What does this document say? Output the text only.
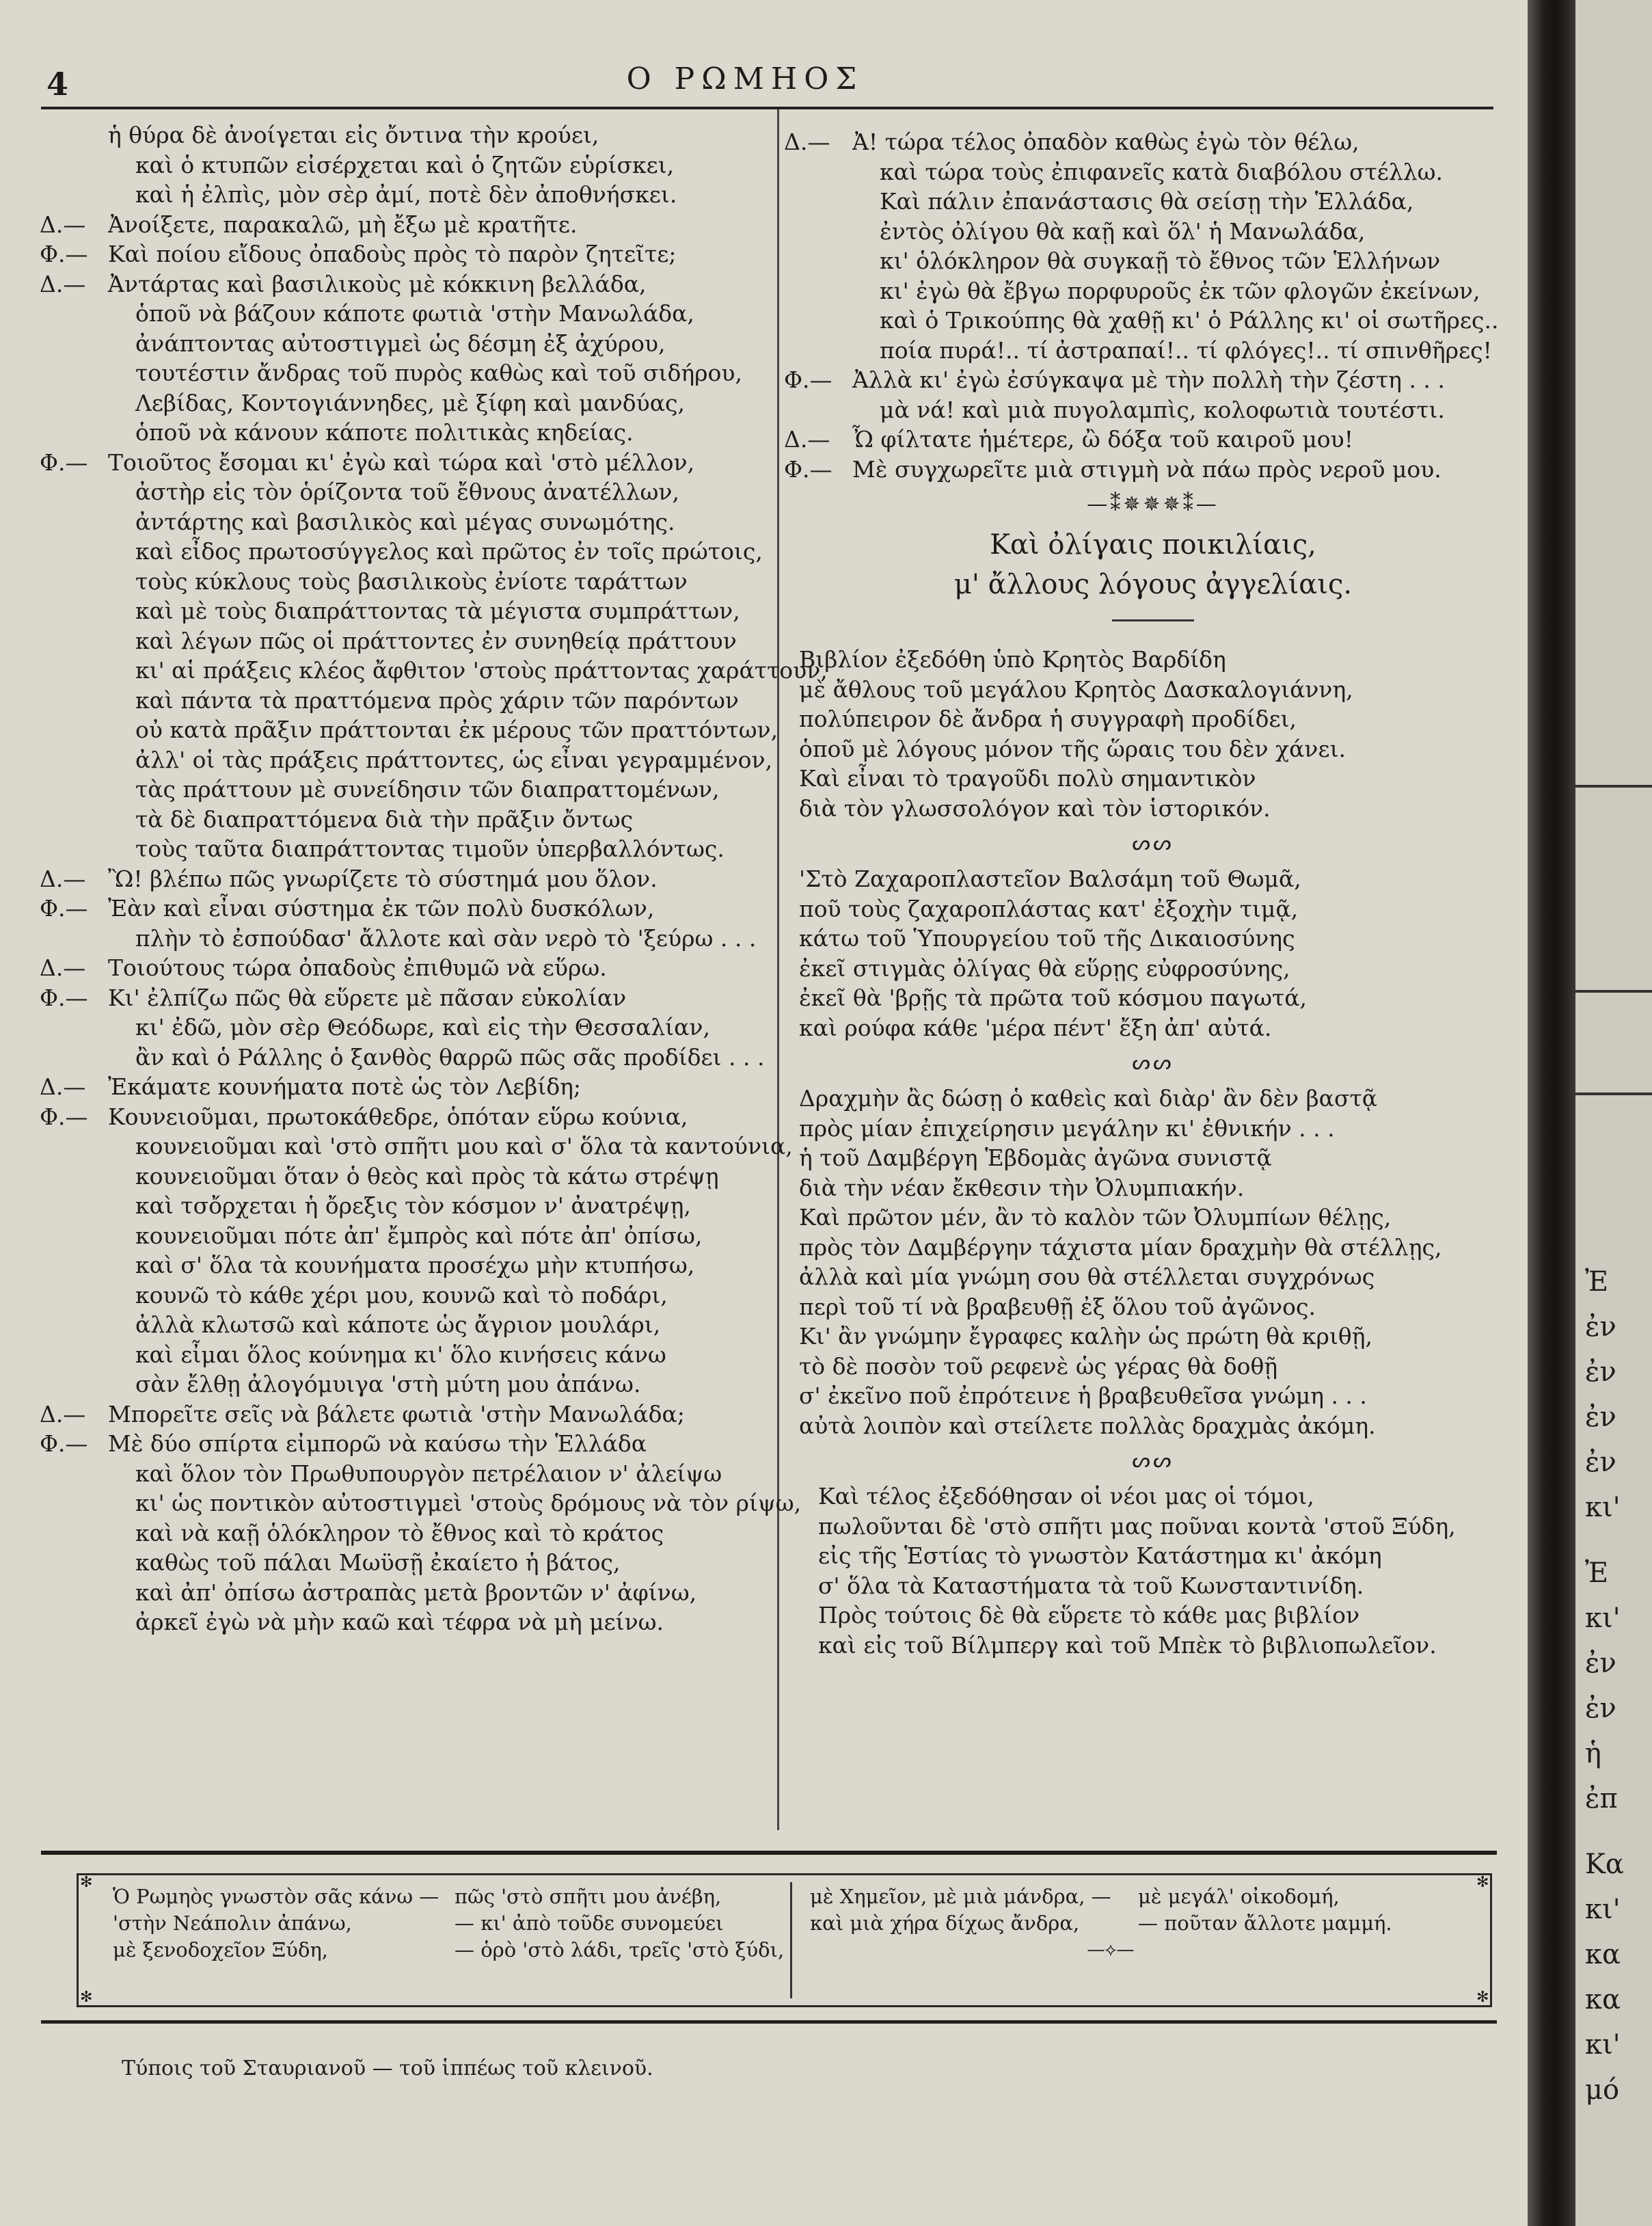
4	Ο ΡΩΜΗΟΣ
ἡ θύρα δὲ ἀνοίγεται εἰς ὄντινα τὴν κρούει,
καὶ ὁ κτυπῶν εἰσέρχεται καὶ ὁ ζητῶν εὑρίσκει,
καὶ ἡ ἐλπὶς, μὸν σὲρ ἀμί, ποτὲ δὲν ἀποθνήσκει.
Δ.— Ἀνοίξετε, παρακαλῶ, μὴ ἔξω μὲ κρατῆτε.
Φ.— Καὶ ποίου εἴδους ὀπαδοὺς πρὸς τὸ παρὸν ζητεῖτε;
Δ.— Ἀντάρτας καὶ βασιλικοὺς μὲ κόκκινη βελλάδα,
ὁποῦ νὰ βάζουν κάποτε φωτιὰ 'στὴν Μανωλάδα,
ἀνάπτοντας αὐτοστιγμεὶ ὡς δέσμη ἐξ ἀχύρου,
τουτέστιν ἄνδρας τοῦ πυρὸς καθὼς καὶ τοῦ σιδήρου,
Λεβίδας, Κοντογιάννηδες, μὲ ξίφη καὶ μανδύας,
ὁποῦ νὰ κάνουν κάποτε πολιτικὰς κηδείας.
Φ.— Τοιοῦτος ἔσομαι κι' ἐγὼ καὶ τώρα καὶ 'στὸ μέλλον,
ἀστὴρ εἰς τὸν ὁρίζοντα τοῦ ἔθνους ἀνατέλλων,
ἀντάρτης καὶ βασιλικὸς καὶ μέγας συνωμότης.
καὶ εἶδος πρωτοσύγγελος καὶ πρῶτος ἐν τοῖς πρώτοις,
τοὺς κύκλους τοὺς βασιλικοὺς ἐνίοτε ταράττων
καὶ μὲ τοὺς διαπράττοντας τὰ μέγιστα συμπράττων,
καὶ λέγων πῶς οἱ πράττοντες ἐν συνηθείᾳ πράττουν
κι' αἱ πράξεις κλέος ἄφθιτον 'στοὺς πράττοντας χαράττουν,
καὶ πάντα τὰ πραττόμενα πρὸς χάριν τῶν παρόντων
οὐ κατὰ πρᾶξιν πράττονται ἐκ μέρους τῶν πραττόντων,
ἀλλ' οἱ τὰς πράξεις πράττοντες, ὡς εἶναι γεγραμμένον,
τὰς πράττουν μὲ συνείδησιν τῶν διαπραττομένων,
τὰ δὲ διαπραττόμενα διὰ τὴν πρᾶξιν ὄντως
τοὺς ταῦτα διαπράττοντας τιμοῦν ὑπερβαλλόντως.
Δ.— Ὢ! βλέπω πῶς γνωρίζετε τὸ σύστημά μου ὅλον.
Φ.— Ἐὰν καὶ εἶναι σύστημα ἐκ τῶν πολὺ δυσκόλων,
πλὴν τὸ ἐσπούδασ' ἄλλοτε καὶ σὰν νερὸ τὸ 'ξεύρω . . .
Δ.— Τοιούτους τώρα ὀπαδοὺς ἐπιθυμῶ νὰ εὕρω.
Φ.— Κι' ἐλπίζω πῶς θὰ εὕρετε μὲ πᾶσαν εὐκολίαν
κι' ἐδῶ, μὸν σὲρ Θεόδωρε, καὶ εἰς τὴν Θεσσαλίαν,
ἂν καὶ ὁ Ράλλης ὁ ξανθὸς θαρρῶ πῶς σᾶς προδίδει . . .
Δ.— Ἐκάματε κουνήματα ποτὲ ὡς τὸν Λεβίδη;
Φ.— Κουνειοῦμαι, πρωτοκάθεδρε, ὁπόταν εὕρω κούνια,
κουνειοῦμαι καὶ 'στὸ σπῆτι μου καὶ σ' ὅλα τὰ καντούνια,
κουνειοῦμαι ὅταν ὁ θεὸς καὶ πρὸς τὰ κάτω στρέψῃ
καὶ τσὄρχεται ἡ ὄρεξις τὸν κόσμον ν' ἀνατρέψῃ,
κουνειοῦμαι πότε ἀπ' ἔμπρὸς καὶ πότε ἀπ' ὀπίσω,
καὶ σ' ὅλα τὰ κουνήματα προσέχω μὴν κτυπήσω,
κουνῶ τὸ κάθε χέρι μου, κουνῶ καὶ τὸ ποδάρι,
ἀλλὰ κλωτσῶ καὶ κάποτε ὡς ἄγριον μουλάρι,
καὶ εἶμαι ὅλος κούνημα κι' ὅλο κινήσεις κάνω
σὰν ἔλθῃ ἀλογόμυιγα 'στὴ μύτη μου ἀπάνω.
Δ.— Μπορεῖτε σεῖς νὰ βάλετε φωτιὰ 'στὴν Μανωλάδα;
Φ.— Μὲ δύο σπίρτα εἰμπορῶ νὰ καύσω τὴν Ἑλλάδα
καὶ ὅλον τὸν Πρωθυπουργὸν πετρέλαιον ν' ἀλείψω
κι' ὡς ποντικὸν αὐτοστιγμεὶ 'στοὺς δρόμους νὰ τὸν ρίψω,
καὶ νὰ καῇ ὁλόκληρον τὸ ἔθνος καὶ τὸ κράτος
καθὼς τοῦ πάλαι Μωϋσῇ ἐκαίετο ἡ βάτος,
καὶ ἀπ' ὀπίσω ἀστραπὰς μετὰ βροντῶν ν' ἀφίνω,
ἀρκεῖ ἐγὼ νὰ μὴν καῶ καὶ τέφρα νὰ μὴ μείνω.
Δ.— Ἀ! τώρα τέλος ὀπαδὸν καθὼς ἐγὼ τὸν θέλω,
καὶ τώρα τοὺς ἐπιφανεῖς κατὰ διαβόλου στέλλω.
Καὶ πάλιν ἐπανάστασις θὰ σείσῃ τὴν Ἑλλάδα,
ἐντὸς ὀλίγου θὰ καῇ καὶ ὅλ' ἡ Μανωλάδα,
κι' ὁλόκληρον θὰ συγκαῇ τὸ ἔθνος τῶν Ἑλλήνων
κι' ἐγὼ θὰ ἔβγω πορφυροῦς ἐκ τῶν φλογῶν ἐκείνων,
καὶ ὁ Τρικούπης θὰ χαθῇ κι' ὁ Ράλλης κι' οἱ σωτῆρες..
ποία πυρά!.. τί ἀστραπαί!.. τί φλόγες!.. τί σπινθῆρες!
Φ.— Ἀλλὰ κι' ἐγὼ ἐσύγκαψα μὲ τὴν πολλὴ τὴν ζέστη . . .
μὰ νά! καὶ μιὰ πυγολαμπὶς, κολοφωτιὰ τουτέστι.
Δ.— Ὦ φίλτατε ἡμέτερε, ὢ δόξα τοῦ καιροῦ μου!
Φ.— Μὲ συγχωρεῖτε μιὰ στιγμὴ νὰ πάω πρὸς νεροῦ μου.
—⁑✵✵✵⁑—
Καὶ ὀλίγαις ποικιλίαις,
μ' ἄλλους λόγους ἀγγελίαις.
Βιβλίον ἐξεδόθη ὑπὸ Κρητὸς Βαρδίδη
μὲ ἄθλους τοῦ μεγάλου Κρητὸς Δασκαλογιάννη,
πολύπειρον δὲ ἄνδρα ἡ συγγραφὴ προδίδει,
ὁποῦ μὲ λόγους μόνον τῆς ὥραις του δὲν χάνει.
Καὶ εἶναι τὸ τραγοῦδι πολὺ σημαντικὸν
διὰ τὸν γλωσσολόγον καὶ τὸν ἱστορικόν.
ᔕᔕ
'Στὸ Ζαχαροπλαστεῖον Βαλσάμη τοῦ Θωμᾶ,
ποῦ τοὺς ζαχαροπλάστας κατ' ἐξοχὴν τιμᾷ,
κάτω τοῦ Ὑπουργείου τοῦ τῆς Δικαιοσύνης
ἐκεῖ στιγμὰς ὀλίγας θὰ εὕρῃς εὐφροσύνης,
ἐκεῖ θὰ 'βρῇς τὰ πρῶτα τοῦ κόσμου παγωτά,
καὶ ρούφα κάθε 'μέρα πέντ' ἔξη ἀπ' αὐτά.
ᔕᔕ
Δραχμὴν ἂς δώσῃ ὁ καθεὶς καὶ διὰρ' ἂν δὲν βαστᾷ
πρὸς μίαν ἐπιχείρησιν μεγάλην κι' ἐθνικήν . . .
ἡ τοῦ Δαμβέργη Ἑβδομὰς ἀγῶνα συνιστᾷ
διὰ τὴν νέαν ἔκθεσιν τὴν Ὀλυμπιακήν.
Καὶ πρῶτον μέν, ἂν τὸ καλὸν τῶν Ὀλυμπίων θέλῃς,
πρὸς τὸν Δαμβέργην τάχιστα μίαν δραχμὴν θὰ στέλλῃς,
ἀλλὰ καὶ μία γνώμη σου θὰ στέλλεται συγχρόνως
περὶ τοῦ τί νὰ βραβευθῇ ἐξ ὅλου τοῦ ἀγῶνος.
Κι' ἂν γνώμην ἔγραφες καλὴν ὡς πρώτη θὰ κριθῇ,
τὸ δὲ ποσὸν τοῦ ρεφενὲ ὡς γέρας θὰ δοθῇ
σ' ἐκεῖνο ποῦ ἐπρότεινε ἡ βραβευθεῖσα γνώμη . . .
αὐτὰ λοιπὸν καὶ στείλετε πολλὰς δραχμὰς ἀκόμη.
ᔕᔕ
Καὶ τέλος ἐξεδόθησαν οἱ νέοι μας οἱ τόμοι,
πωλοῦνται δὲ 'στὸ σπῆτι μας ποῦναι κοντὰ 'στοῦ Ξύδη,
εἰς τῆς Ἑστίας τὸ γνωστὸν Κατάστημα κι' ἀκόμη
σ' ὅλα τὰ Καταστήματα τὰ τοῦ Κωνσταντινίδη.
Πρὸς τούτοις δὲ θὰ εὕρετε τὸ κάθε μας βιβλίον
καὶ εἰς τοῦ Βίλμπεργ καὶ τοῦ Μπὲκ τὸ βιβλιοπωλεῖον.
✻	✻
✻	✻
Ὁ Ρωμηὸς γνωστὸν σᾶς κάνω — πῶς 'στὸ σπῆτι μου ἀνέβη,
'στὴν Νεάπολιν ἀπάνω,	— κι' ἀπὸ τοῦδε συνομεύει
μὲ ξενοδοχεῖον Ξύδη,	— ὁρὸ 'στὸ λάδι, τρεῖς 'στὸ ξύδι,
μὲ Χημεῖον, μὲ μιὰ μάνδρα, — μὲ μεγάλ' οἰκοδομή,
καὶ μιὰ χήρα δίχως ἄνδρα,	— ποῦταν ἄλλοτε μαμμή.
—⟡—
Τύποις τοῦ Σταυριανοῦ — τοῦ ἱππέως τοῦ κλεινοῦ.
Ἐ
ἐν
ἐν
ἐν
ἐν
κι'
Ἐ
κι'
ἐν
ἐν
ἡ
ἐπ
Κα
κι'
κα
κα
κι'
μό
